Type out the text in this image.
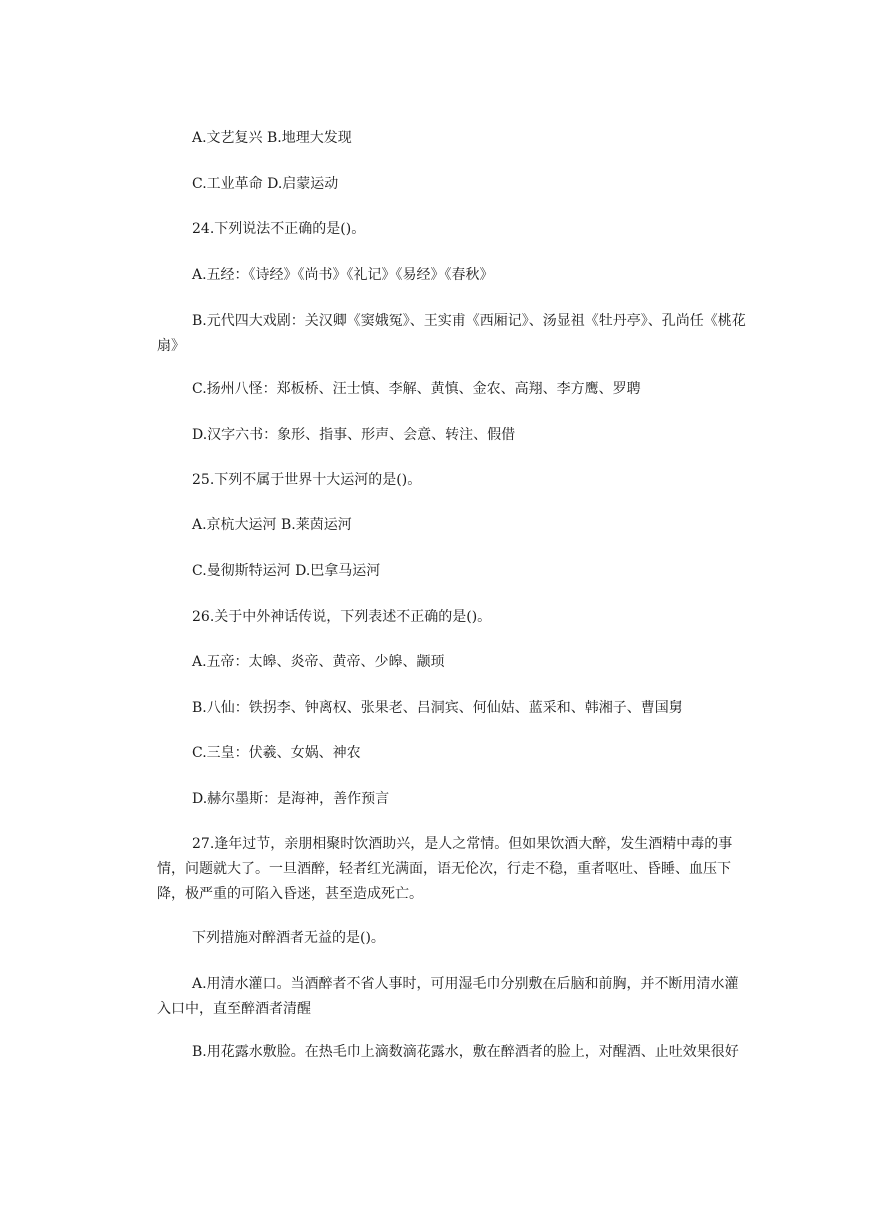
A.文艺复兴 B.地理大发现

C.工业革命 D.启蒙运动

24.下列说法不正确的是()。

A.五经：《诗经》《尚书》《礼记》《易经》《春秋》

B.元代四大戏剧：关汉卿《窦娥冤》、王实甫《西厢记》、汤显祖《牡丹亭》、孔尚任《桃花扇》

C.扬州八怪：郑板桥、汪士慎、李解、黄慎、金农、高翔、李方鹰、罗聘

D.汉字六书：象形、指事、形声、会意、转注、假借

25.下列不属于世界十大运河的是()。

A.京杭大运河 B.莱茵运河

C.曼彻斯特运河 D.巴拿马运河

26.关于中外神话传说，下列表述不正确的是()。

A.五帝：太皞、炎帝、黄帝、少皞、颛顼

B.八仙：铁拐李、钟离权、张果老、吕洞宾、何仙姑、蓝采和、韩湘子、曹国舅

C.三皇：伏羲、女娲、神农

D.赫尔墨斯：是海神，善作预言

27.逢年过节，亲朋相聚时饮酒助兴，是人之常情。但如果饮酒大醉，发生酒精中毒的事情，问题就大了。一旦酒醉，轻者红光满面，语无伦次，行走不稳，重者呕吐、昏睡、血压下降，极严重的可陷入昏迷，甚至造成死亡。

下列措施对醉酒者无益的是()。

A.用清水灌口。当酒醉者不省人事时，可用湿毛巾分别敷在后脑和前胸，并不断用清水灌入口中，直至醉酒者清醒

B.用花露水敷脸。在热毛巾上滴数滴花露水，敷在醉酒者的脸上，对醒酒、止吐效果很好
